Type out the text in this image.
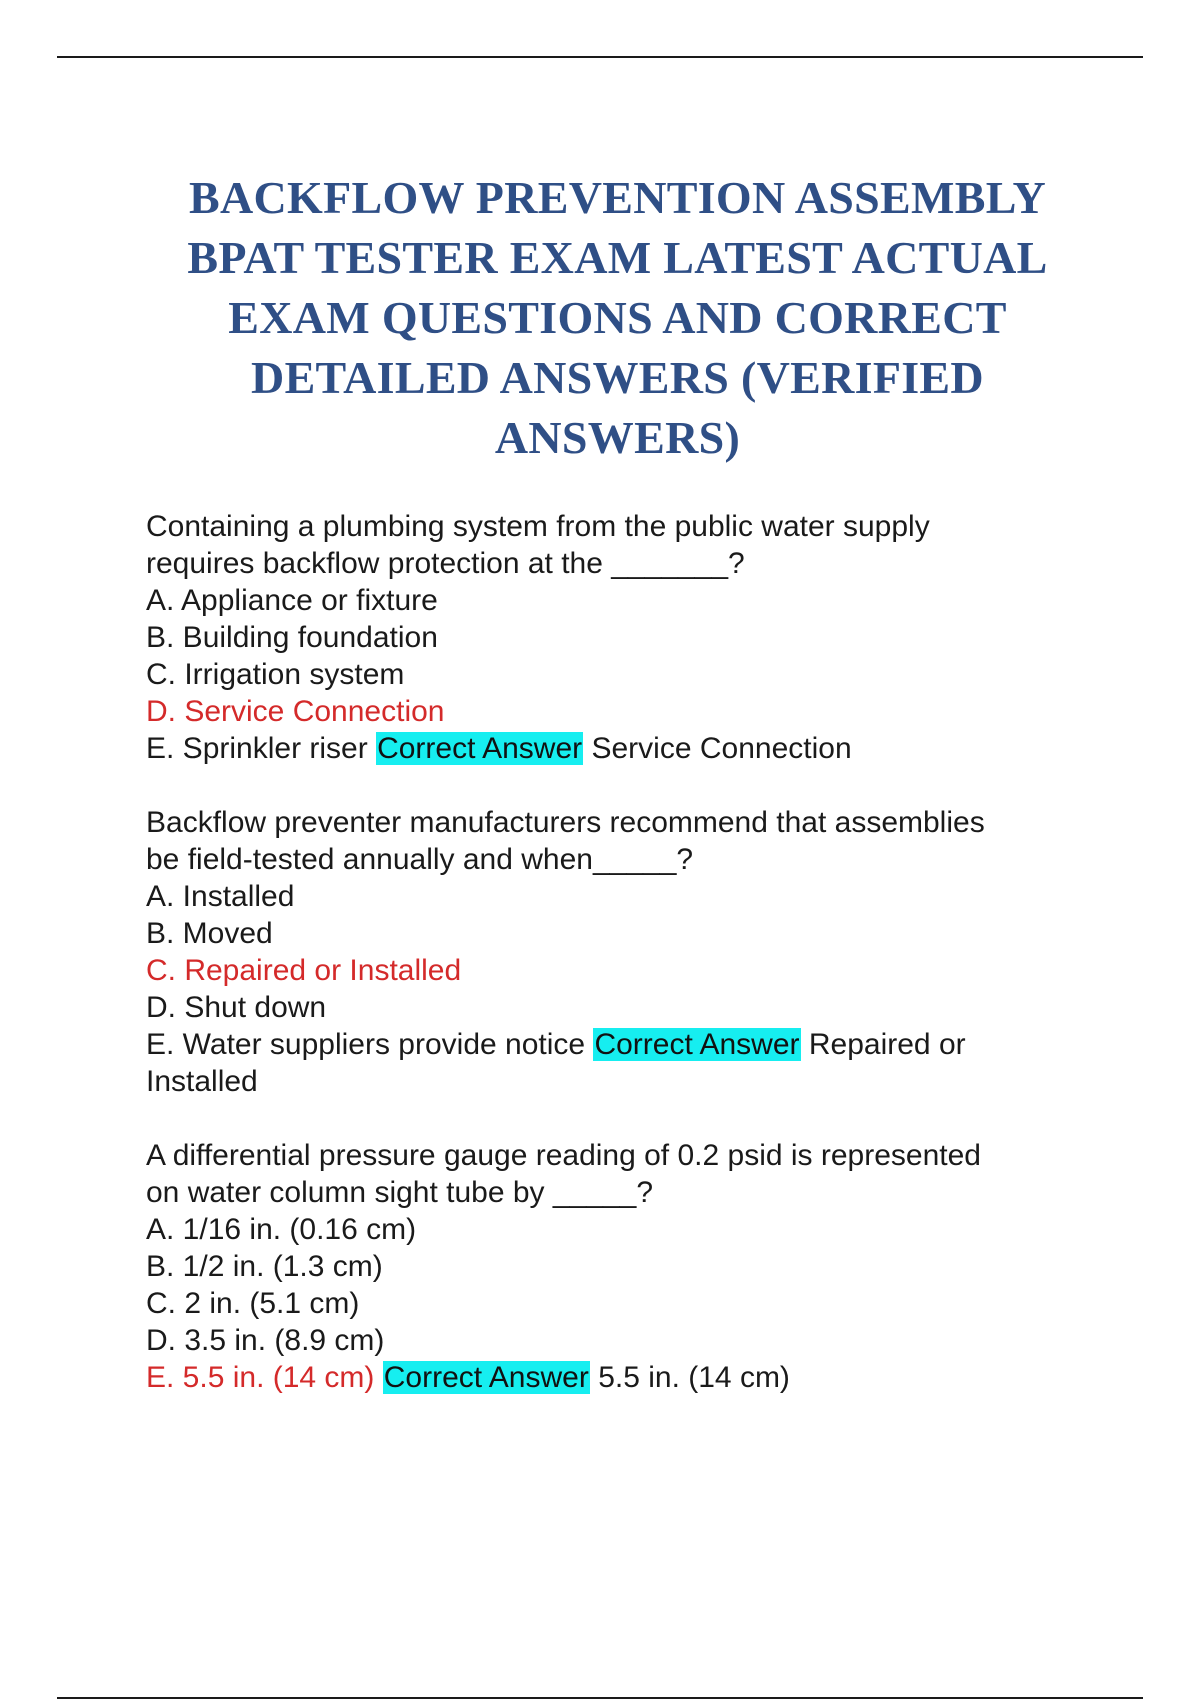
BACKFLOW PREVENTION ASSEMBLY BPAT TESTER EXAM LATEST ACTUAL EXAM QUESTIONS AND CORRECT DETAILED ANSWERS (VERIFIED ANSWERS)

Containing a plumbing system from the public water supply

requires backflow protection at the _______?

A. Appliance or fixture

B. Building foundation

C. Irrigation system

D. Service Connection

E. Sprinkler riser Correct Answer Service Connection

Backflow preventer manufacturers recommend that assemblies

be field-tested annually and when_____?

A. Installed

B. Moved

C. Repaired or Installed

D. Shut down

E. Water suppliers provide notice Correct Answer Repaired or Installed

A differential pressure gauge reading of 0.2 psid is represented

on water column sight tube by _____?

A. 1/16 in. (0.16 cm)

B. 1/2 in. (1.3 cm)

C. 2 in. (5.1 cm)

D. 3.5 in. (8.9 cm)

E. 5.5 in. (14 cm) Correct Answer 5.5 in. (14 cm)
